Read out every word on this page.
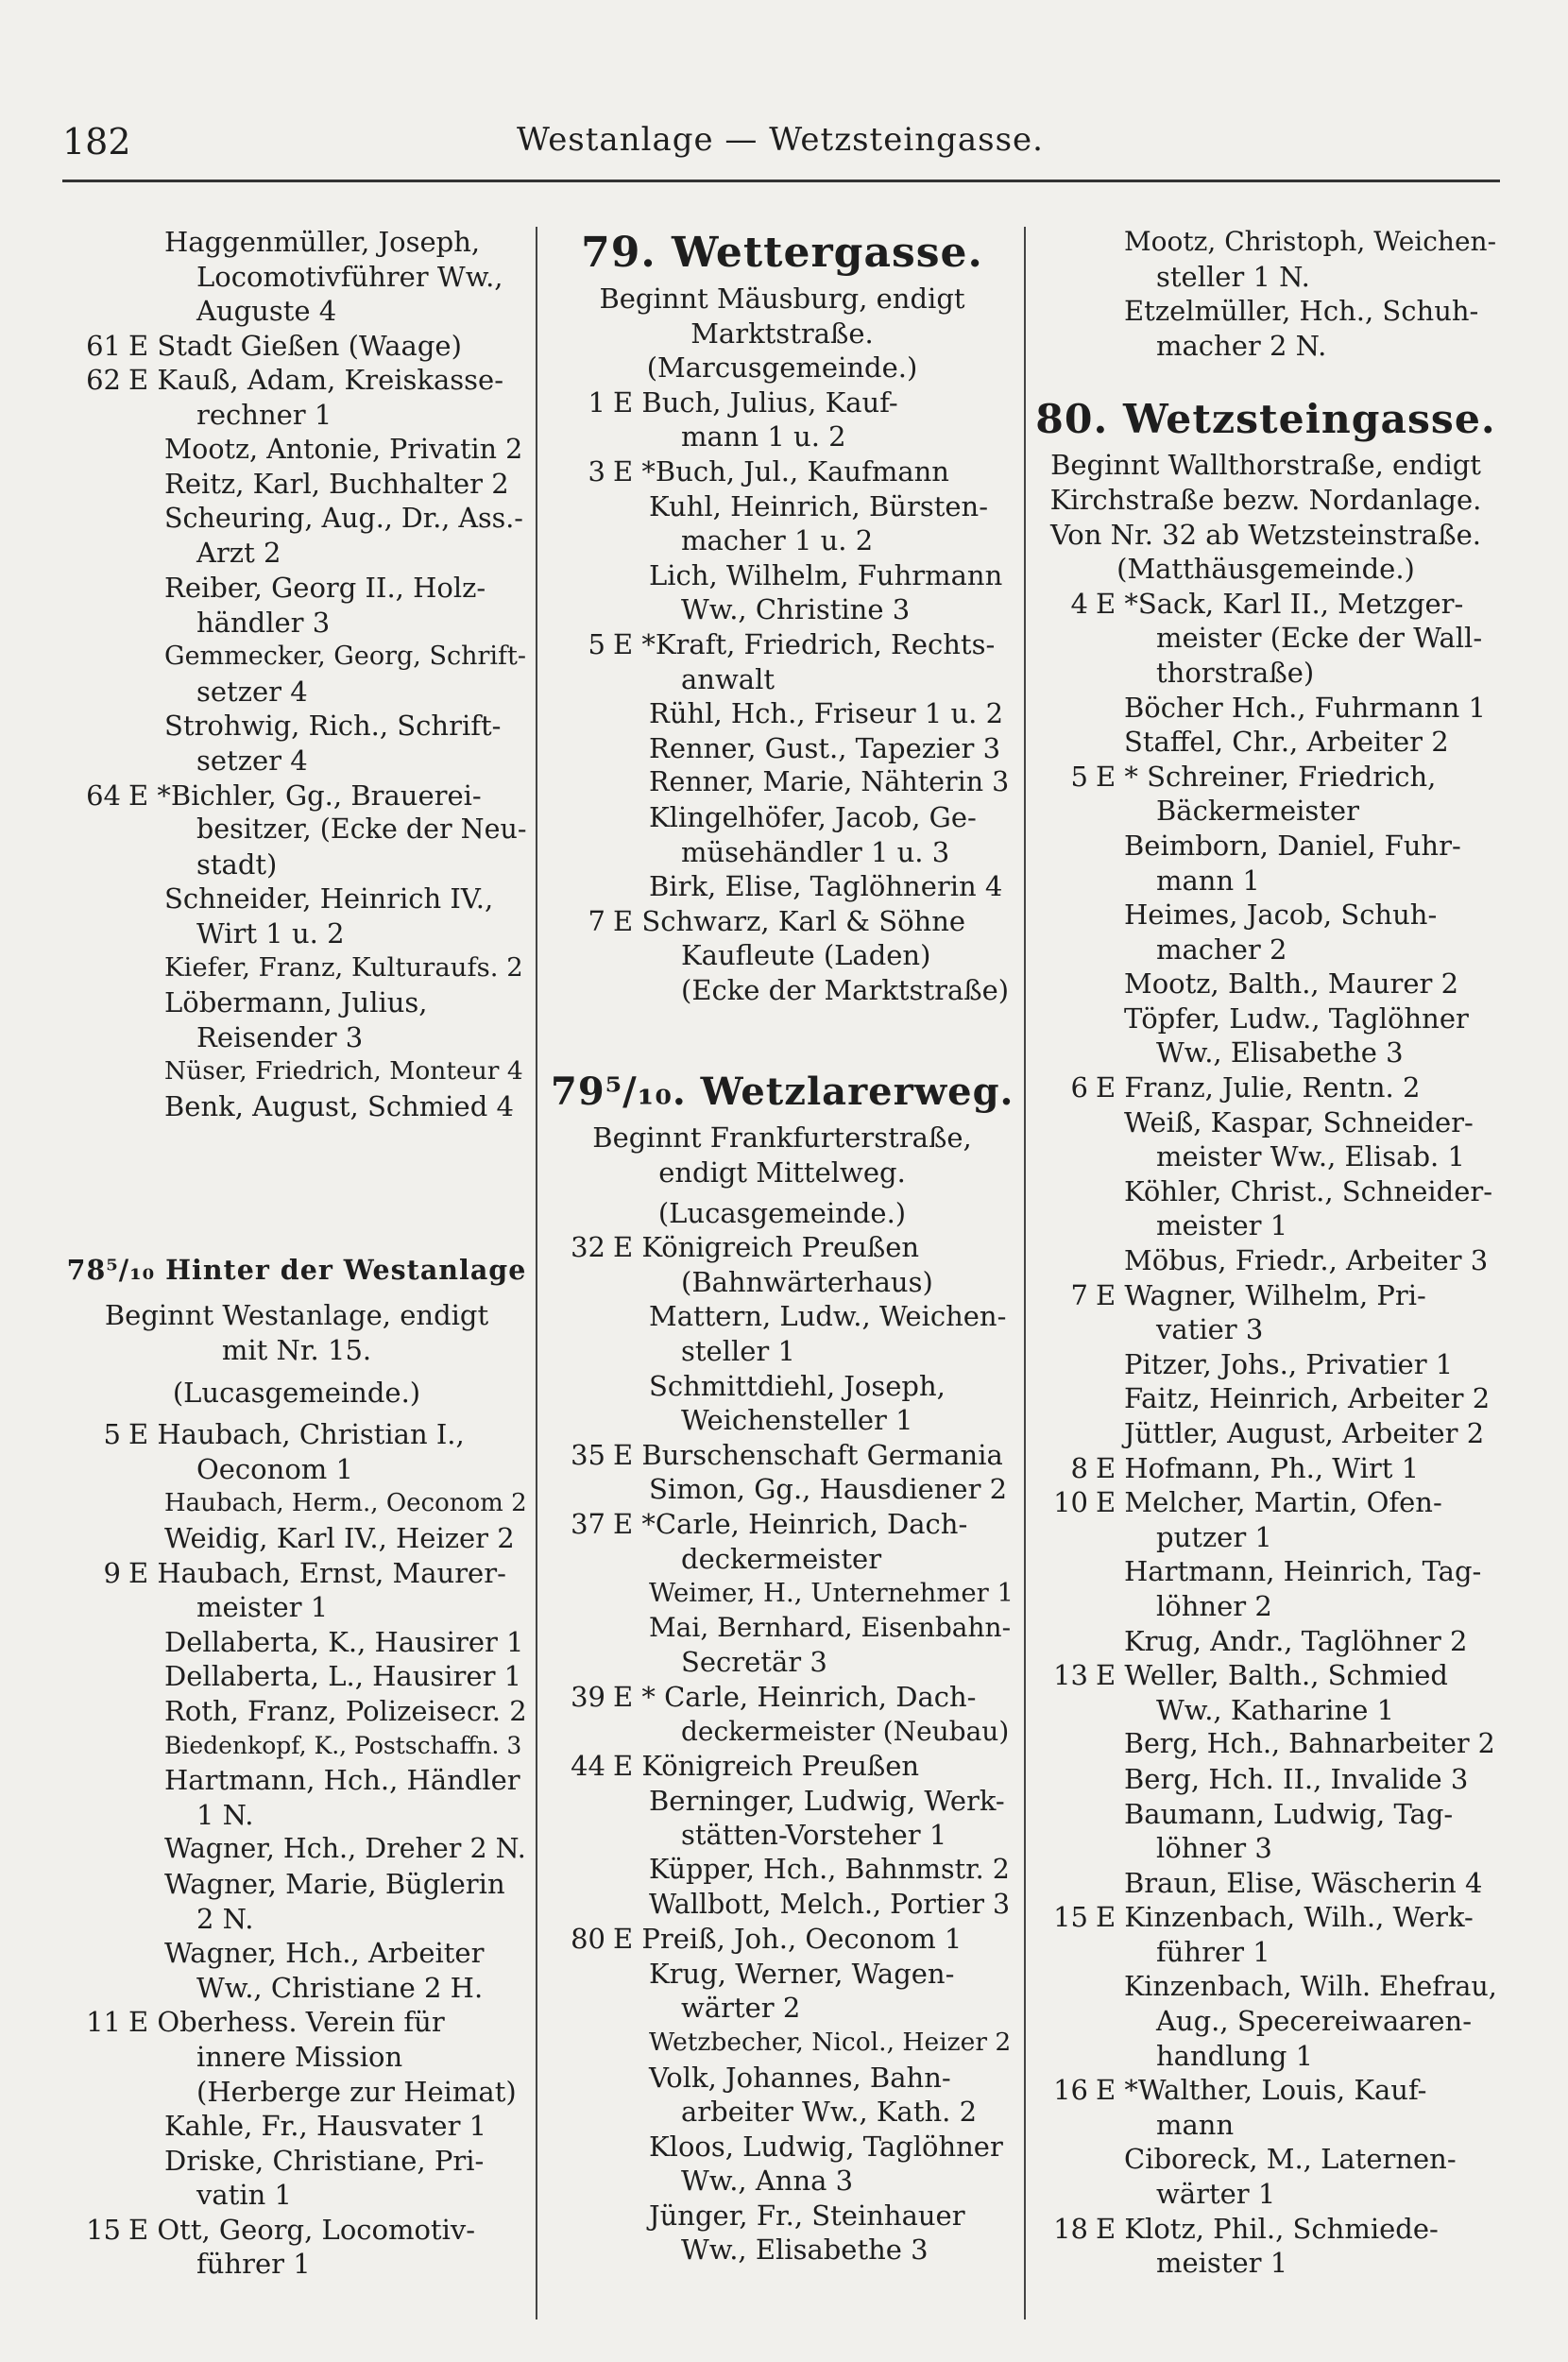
182	Westanlage — Wetzsteingasse.
Haggenmüller, Joseph,
Locomotivführer Ww.,
Auguste 4
61 E Stadt Gießen (Waage)
62 E Kauß, Adam, Kreiskasse-
rechner 1
Mootz, Antonie, Privatin 2
Reitz, Karl, Buchhalter 2
Scheuring, Aug., Dr., Ass.-
Arzt 2
Reiber, Georg II., Holz-
händler 3
Gemmecker, Georg, Schrift-
setzer 4
Strohwig, Rich., Schrift-
setzer 4
64 E *Bichler, Gg., Brauerei-
besitzer, (Ecke der Neu-
stadt)
Schneider, Heinrich IV.,
Wirt 1 u. 2
Kiefer, Franz, Kulturaufs. 2
Löbermann, Julius,
Reisender 3
Nüser, Friedrich, Monteur 4
Benk, August, Schmied 4
78⁵/₁₀ Hinter der Westanlage
Beginnt Westanlage, endigt
mit Nr. 15.
(Lucasgemeinde.)
5 E Haubach, Christian I.,
Oeconom 1
Haubach, Herm., Oeconom 2
Weidig, Karl IV., Heizer 2
9 E Haubach, Ernst, Maurer-
meister 1
Dellaberta, K., Hausirer 1
Dellaberta, L., Hausirer 1
Roth, Franz, Polizeisecr. 2
Biedenkopf, K., Postschaffn. 3
Hartmann, Hch., Händler
1 N.
Wagner, Hch., Dreher 2 N.
Wagner, Marie, Büglerin
2 N.
Wagner, Hch., Arbeiter
Ww., Christiane 2 H.
11 E Oberhess. Verein für
innere Mission
(Herberge zur Heimat)
Kahle, Fr., Hausvater 1
Driske, Christiane, Pri-
vatin 1
15 E Ott, Georg, Locomotiv-
führer 1
79. Wettergasse.
Beginnt Mäusburg, endigt
Marktstraße.
(Marcusgemeinde.)
1 E Buch, Julius, Kauf-
mann 1 u. 2
3 E *Buch, Jul., Kaufmann
Kuhl, Heinrich, Bürsten-
macher 1 u. 2
Lich, Wilhelm, Fuhrmann
Ww., Christine 3
5 E *Kraft, Friedrich, Rechts-
anwalt
Rühl, Hch., Friseur 1 u. 2
Renner, Gust., Tapezier 3
Renner, Marie, Nähterin 3
Klingelhöfer, Jacob, Ge-
müsehändler 1 u. 3
Birk, Elise, Taglöhnerin 4
7 E Schwarz, Karl & Söhne
Kaufleute (Laden)
(Ecke der Marktstraße)
79⁵/₁₀. Wetzlarerweg.
Beginnt Frankfurterstraße,
endigt Mittelweg.
(Lucasgemeinde.)
32 E Königreich Preußen
(Bahnwärterhaus)
Mattern, Ludw., Weichen-
steller 1
Schmittdiehl, Joseph,
Weichensteller 1
35 E Burschenschaft Germania
Simon, Gg., Hausdiener 2
37 E *Carle, Heinrich, Dach-
deckermeister
Weimer, H., Unternehmer 1
Mai, Bernhard, Eisenbahn-
Secretär 3
39 E * Carle, Heinrich, Dach-
deckermeister (Neubau)
44 E Königreich Preußen
Berninger, Ludwig, Werk-
stätten-Vorsteher 1
Küpper, Hch., Bahnmstr. 2
Wallbott, Melch., Portier 3
80 E Preiß, Joh., Oeconom 1
Krug, Werner, Wagen-
wärter 2
Wetzbecher, Nicol., Heizer 2
Volk, Johannes, Bahn-
arbeiter Ww., Kath. 2
Kloos, Ludwig, Taglöhner
Ww., Anna 3
Jünger, Fr., Steinhauer
Ww., Elisabethe 3
Mootz, Christoph, Weichen-
steller 1 N.
Etzelmüller, Hch., Schuh-
macher 2 N.
80. Wetzsteingasse.
Beginnt Wallthorstraße, endigt
Kirchstraße bezw. Nordanlage.
Von Nr. 32 ab Wetzsteinstraße.
(Matthäusgemeinde.)
4 E *Sack, Karl II., Metzger-
meister (Ecke der Wall-
thorstraße)
Böcher Hch., Fuhrmann 1
Staffel, Chr., Arbeiter 2
5 E * Schreiner, Friedrich,
Bäckermeister
Beimborn, Daniel, Fuhr-
mann 1
Heimes, Jacob, Schuh-
macher 2
Mootz, Balth., Maurer 2
Töpfer, Ludw., Taglöhner
Ww., Elisabethe 3
6 E Franz, Julie, Rentn. 2
Weiß, Kaspar, Schneider-
meister Ww., Elisab. 1
Köhler, Christ., Schneider-
meister 1
Möbus, Friedr., Arbeiter 3
7 E Wagner, Wilhelm, Pri-
vatier 3
Pitzer, Johs., Privatier 1
Faitz, Heinrich, Arbeiter 2
Jüttler, August, Arbeiter 2
8 E Hofmann, Ph., Wirt 1
10 E Melcher, Martin, Ofen-
putzer 1
Hartmann, Heinrich, Tag-
löhner 2
Krug, Andr., Taglöhner 2
13 E Weller, Balth., Schmied
Ww., Katharine 1
Berg, Hch., Bahnarbeiter 2
Berg, Hch. II., Invalide 3
Baumann, Ludwig, Tag-
löhner 3
Braun, Elise, Wäscherin 4
15 E Kinzenbach, Wilh., Werk-
führer 1
Kinzenbach, Wilh. Ehefrau,
Aug., Specereiwaaren-
handlung 1
16 E *Walther, Louis, Kauf-
mann
Ciboreck, M., Laternen-
wärter 1
18 E Klotz, Phil., Schmiede-
meister 1
